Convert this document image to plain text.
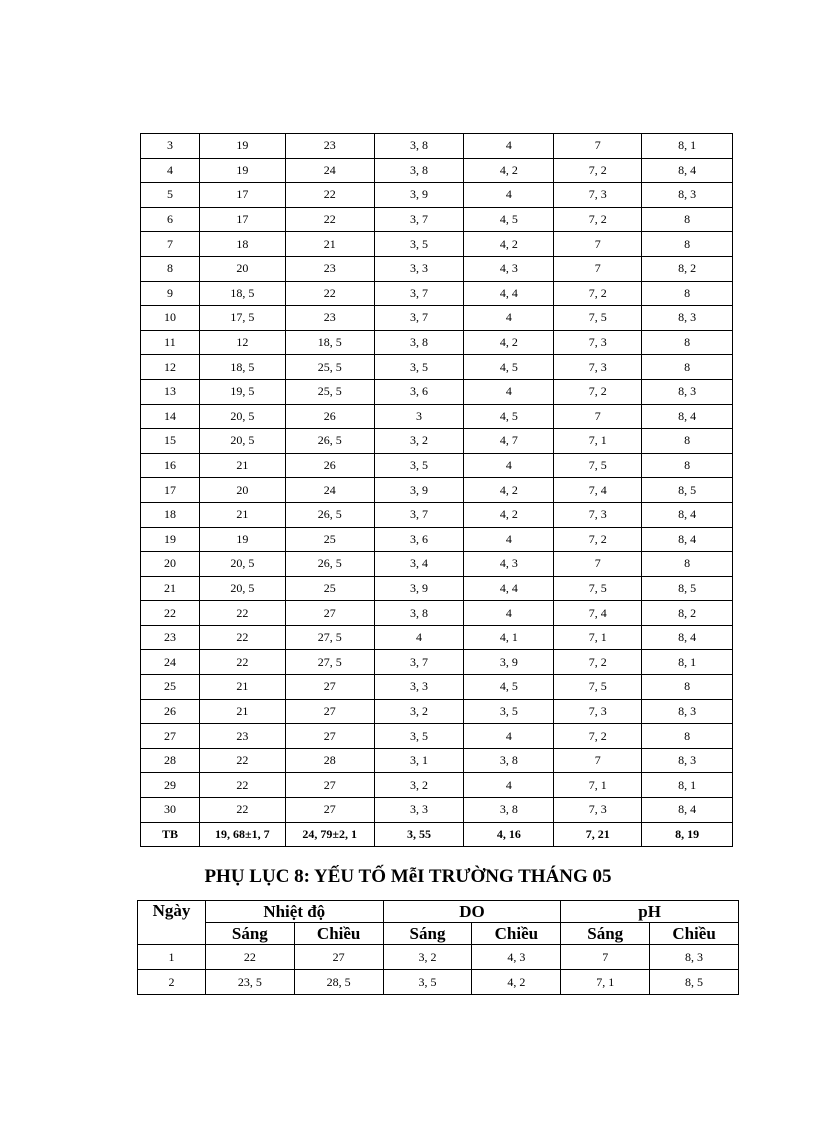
3	19	23	3, 8	4	7	8, 1
4	19	24	3, 8	4, 2	7, 2	8, 4
5	17	22	3, 9	4	7, 3	8, 3
6	17	22	3, 7	4, 5	7, 2	8
7	18	21	3, 5	4, 2	7	8
8	20	23	3, 3	4, 3	7	8, 2
9	18, 5	22	3, 7	4, 4	7, 2	8
10	17, 5	23	3, 7	4	7, 5	8, 3
11	12	18, 5	3, 8	4, 2	7, 3	8
12	18, 5	25, 5	3, 5	4, 5	7, 3	8
13	19, 5	25, 5	3, 6	4	7, 2	8, 3
14	20, 5	26	3	4, 5	7	8, 4
15	20, 5	26, 5	3, 2	4, 7	7, 1	8
16	21	26	3, 5	4	7, 5	8
17	20	24	3, 9	4, 2	7, 4	8, 5
18	21	26, 5	3, 7	4, 2	7, 3	8, 4
19	19	25	3, 6	4	7, 2	8, 4
20	20, 5	26, 5	3, 4	4, 3	7	8
21	20, 5	25	3, 9	4, 4	7, 5	8, 5
22	22	27	3, 8	4	7, 4	8, 2
23	22	27, 5	4	4, 1	7, 1	8, 4
24	22	27, 5	3, 7	3, 9	7, 2	8, 1
25	21	27	3, 3	4, 5	7, 5	8
26	21	27	3, 2	3, 5	7, 3	8, 3
27	23	27	3, 5	4	7, 2	8
28	22	28	3, 1	3, 8	7	8, 3
29	22	27	3, 2	4	7, 1	8, 1
30	22	27	3, 3	3, 8	7, 3	8, 4
TB	19, 68±1, 7	24, 79±2, 1	3, 55	4, 16	7, 21	8, 19
PHỤ LỤC 8: YẾU TỐ MễI TRƯỜNG THÁNG 05
Ngày	Nhiệt độ		DO		pH	
	Sáng	Chiều	Sáng	Chiều	Sáng	Chiều
1	22	27	3, 2	4, 3	7	8, 3
2	23, 5	28, 5	3, 5	4, 2	7, 1	8, 5
